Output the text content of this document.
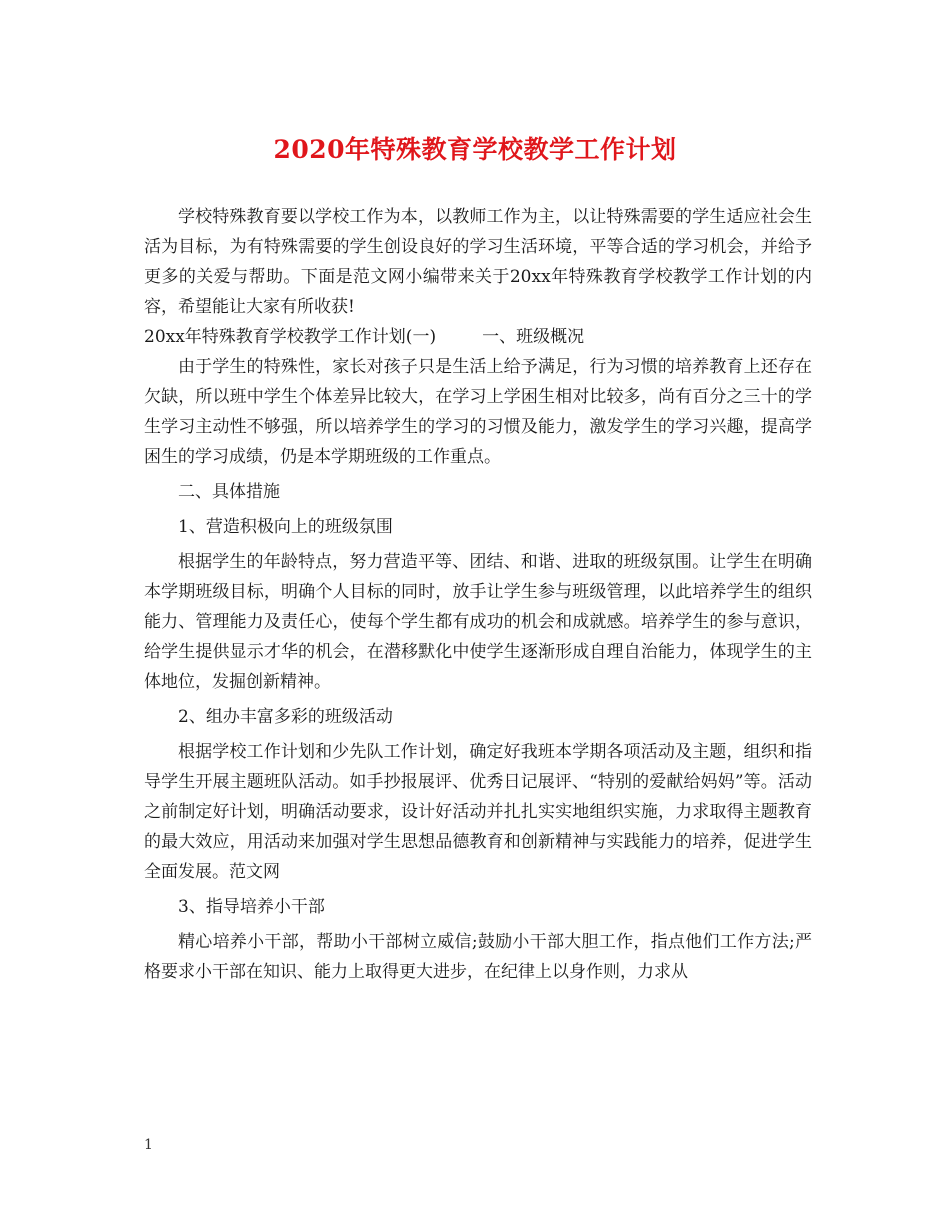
2020年特殊教育学校教学工作计划

学校特殊教育要以学校工作为本，以教师工作为主，以让特殊需要的学生适应社会生活为目标，为有特殊需要的学生创设良好的学习生活环境，平等合适的学习机会，并给予更多的关爱与帮助。下面是范文网小编带来关于20xx年特殊教育学校教学工作计划的内容，希望能让大家有所收获!

20xx年特殊教育学校教学工作计划(一)	一、班级概况

由于学生的特殊性，家长对孩子只是生活上给予满足，行为习惯的培养教育上还存在欠缺，所以班中学生个体差异比较大，在学习上学困生相对比较多，尚有百分之三十的学生学习主动性不够强，所以培养学生的学习的习惯及能力，激发学生的学习兴趣，提高学困生的学习成绩，仍是本学期班级的工作重点。

二、具体措施

1、营造积极向上的班级氛围

根据学生的年龄特点，努力营造平等、团结、和谐、进取的班级氛围。让学生在明确本学期班级目标，明确个人目标的同时，放手让学生参与班级管理，以此培养学生的组织能力、管理能力及责任心，使每个学生都有成功的机会和成就感。培养学生的参与意识，给学生提供显示才华的机会，在潜移默化中使学生逐渐形成自理自治能力，体现学生的主体地位，发掘创新精神。

2、组办丰富多彩的班级活动

根据学校工作计划和少先队工作计划，确定好我班本学期各项活动及主题，组织和指导学生开展主题班队活动。如手抄报展评、优秀日记展评、“特别的爱献给妈妈”等。活动之前制定好计划，明确活动要求，设计好活动并扎扎实实地组织实施，力求取得主题教育的最大效应，用活动来加强对学生思想品德教育和创新精神与实践能力的培养，促进学生全面发展。范文网

3、指导培养小干部

精心培养小干部，帮助小干部树立威信;鼓励小干部大胆工作，指点他们工作方法;严格要求小干部在知识、能力上取得更大进步，在纪律上以身作则，力求从

1
